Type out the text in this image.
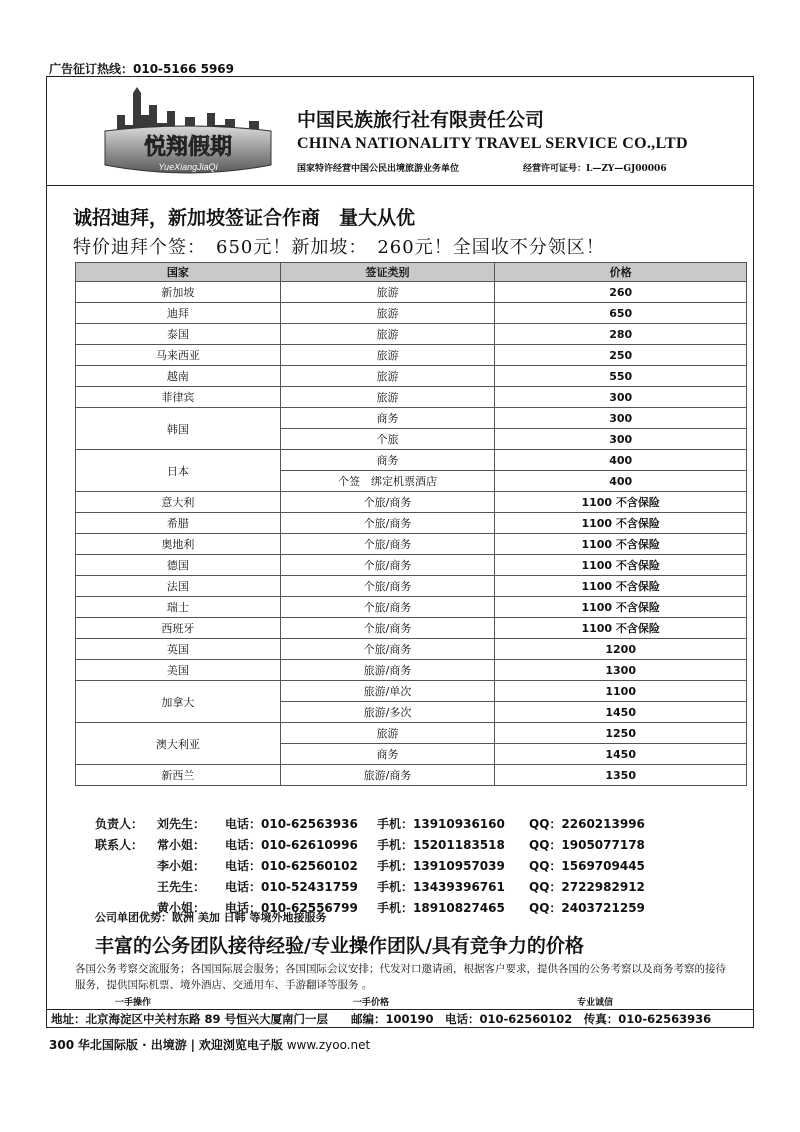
广告征订热线：010-5166 5969
悦翔假期
YueXiangJiaQi
中国民族旅行社有限责任公司
CHINA NATIONALITY TRAVEL SERVICE CO.,LTD
国家特许经营中国公民出境旅游业务单位	经营许可证号：L—ZY—GJ00006
诚招迪拜，新加坡签证合作商　量大从优
特价迪拜个签：　650元！新加坡：　260元！全国收不分领区！
国家	签证类别	价格
新加坡	旅游	260
迪拜	旅游	650
泰国	旅游	280
马来西亚	旅游	250
越南	旅游	550
菲律宾	旅游	300
韩国	商务	300
	个旅	300
日本	商务	400
	个签　绑定机票酒店	400
意大利	个旅/商务	1100 不含保险
希腊	个旅/商务	1100 不含保险
奥地利	个旅/商务	1100 不含保险
德国	个旅/商务	1100 不含保险
法国	个旅/商务	1100 不含保险
瑞士	个旅/商务	1100 不含保险
西班牙	个旅/商务	1100 不含保险
英国	个旅/商务	1200
美国	旅游/商务	1300
加拿大	旅游/单次	1100
	旅游/多次	1450
澳大利亚	旅游	1250
	商务	1450
新西兰	旅游/商务	1350
负责人： 刘先生： 电话：010-62563936 手机：13910936160 QQ：2260213996
联系人： 常小姐： 电话：010-62610996 手机：15201183518 QQ：1905077178
李小姐： 电话：010-62560102 手机：13910957039 QQ：1569709445
王先生： 电话：010-52431759 手机：13439396761 QQ：2722982912
黄小姐： 电话：010-62556799 手机：18910827465 QQ：2403721259
公司单团优势：欧洲 美加 日韩 等境外地接服务
丰富的公务团队接待经验/专业操作团队/具有竞争力的价格
各国公务考察交流服务；各国国际展会服务；各国国际会议安排；代发对口邀请函，根据客户要求，提供各国的公务考察以及商务考察的接待服务，提供国际机票、境外酒店、交通用车、手游翻译等服务 。
一手操作	一手价格	专业诚信
地址：北京海淀区中关村东路 89 号恒兴大厦南门一层　　邮编：100190　电话：010-62560102　传真：010-62563936
300 华北国际版 · 出境游 | 欢迎浏览电子版 www.zyoo.net
